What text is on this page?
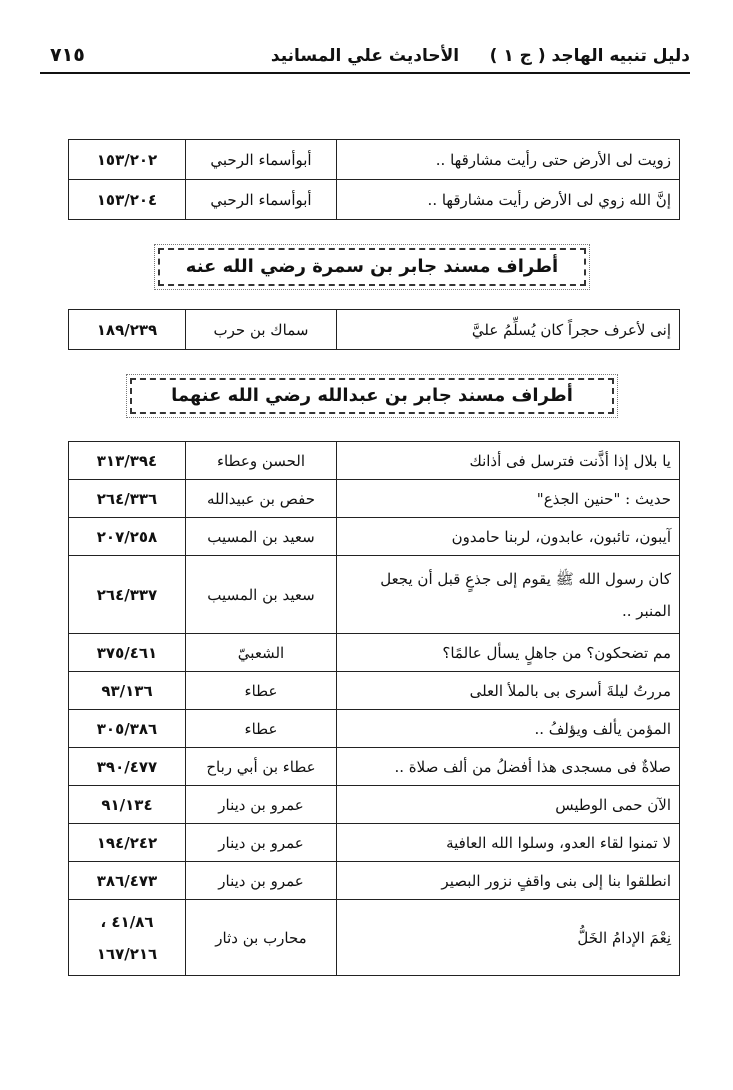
دليل تنبيه الهاجد ( ج ١ )
الأحاديث علي المسانيد
٧١٥
زويت لى الأرض حتى رأيت مشارقها ..	أبوأسماء الرحبي	١٥٣/٢٠٢
إنَّ الله زوي لى الأرض رأيت مشارقها ..	أبوأسماء الرحبي	١٥٣/٢٠٤
أطراف مسند جابر بن سمرة رضي الله عنه
إنى لأعرف حجراً كان يُسلِّمُ عليَّ	سماك بن حرب	١٨٩/٢٣٩
أطراف مسند جابر بن عبدالله رضي الله عنهما
يا بلال إذا أذَّنت فترسل فى أذانك	الحسن وعطاء	٣١٣/٣٩٤
حديث : "حنين الجذع"	حفص بن عبيدالله	٢٦٤/٣٣٦
آيبون، تائبون، عابدون، لربنا حامدون	سعيد بن المسيب	٢٠٧/٢٥٨
كان رسول الله ﷺ يقوم إلى جذعٍ قبل أن يجعل المنبر ..	سعيد بن المسيب	٢٦٤/٣٣٧
مم تضحكون؟ من جاهلٍ يسأل عالمًا؟	الشعبيّ	٣٧٥/٤٦١
مررتُ ليلةَ أسرى بى بالملأ العلى	عطاء	٩٣/١٣٦
المؤمن يألف ويؤلفُ ..	عطاء	٣٠٥/٣٨٦
صلاةٌ فى مسجدى هذا أفضلُ من ألف صلاة ..	عطاء بن أبي رباح	٣٩٠/٤٧٧
الآن حمى الوطيس	عمرو بن دينار	٩١/١٣٤
لا تمنوا لقاء العدو، وسلوا الله العافية	عمرو بن دينار	١٩٤/٢٤٢
انطلقوا بنا إلى بنى واقفٍ نزور البصير	عمرو بن دينار	٣٨٦/٤٧٣
نِعْمَ الإدامُ الخَلُّ	محارب بن دثار	٤١/٨٦ ،
١٦٧/٢١٦
